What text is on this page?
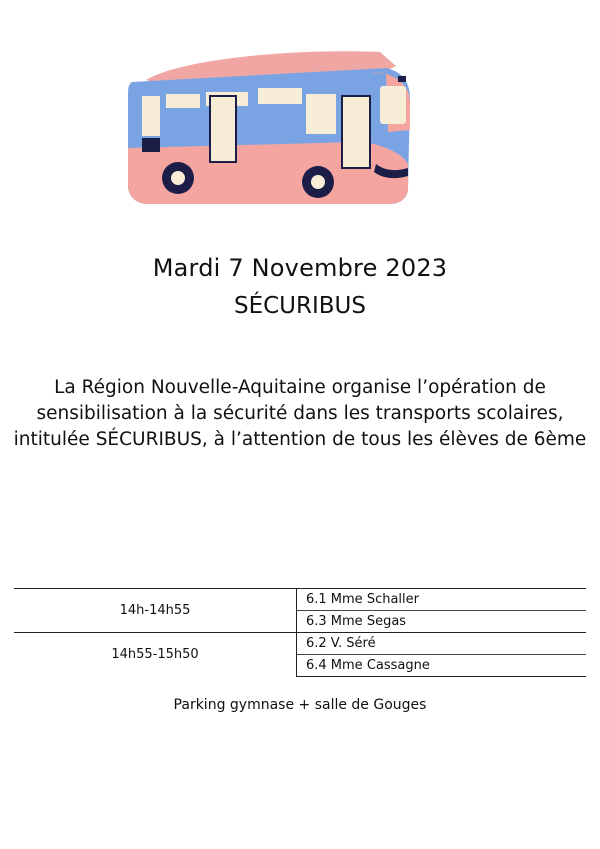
Mardi 7 Novembre 2023
SÉCURIBUS
La Région Nouvelle-Aquitaine organise l’opération de sensibilisation à la sécurité dans les transports scolaires, intitulée SÉCURIBUS, à l’attention de tous les élèves de 6ème
14h-14h55	6.1 Mme Schaller
	6.3 Mme Segas
14h55-15h50	6.2 V. Séré
	6.4 Mme Cassagne
Parking gymnase + salle de Gouges
